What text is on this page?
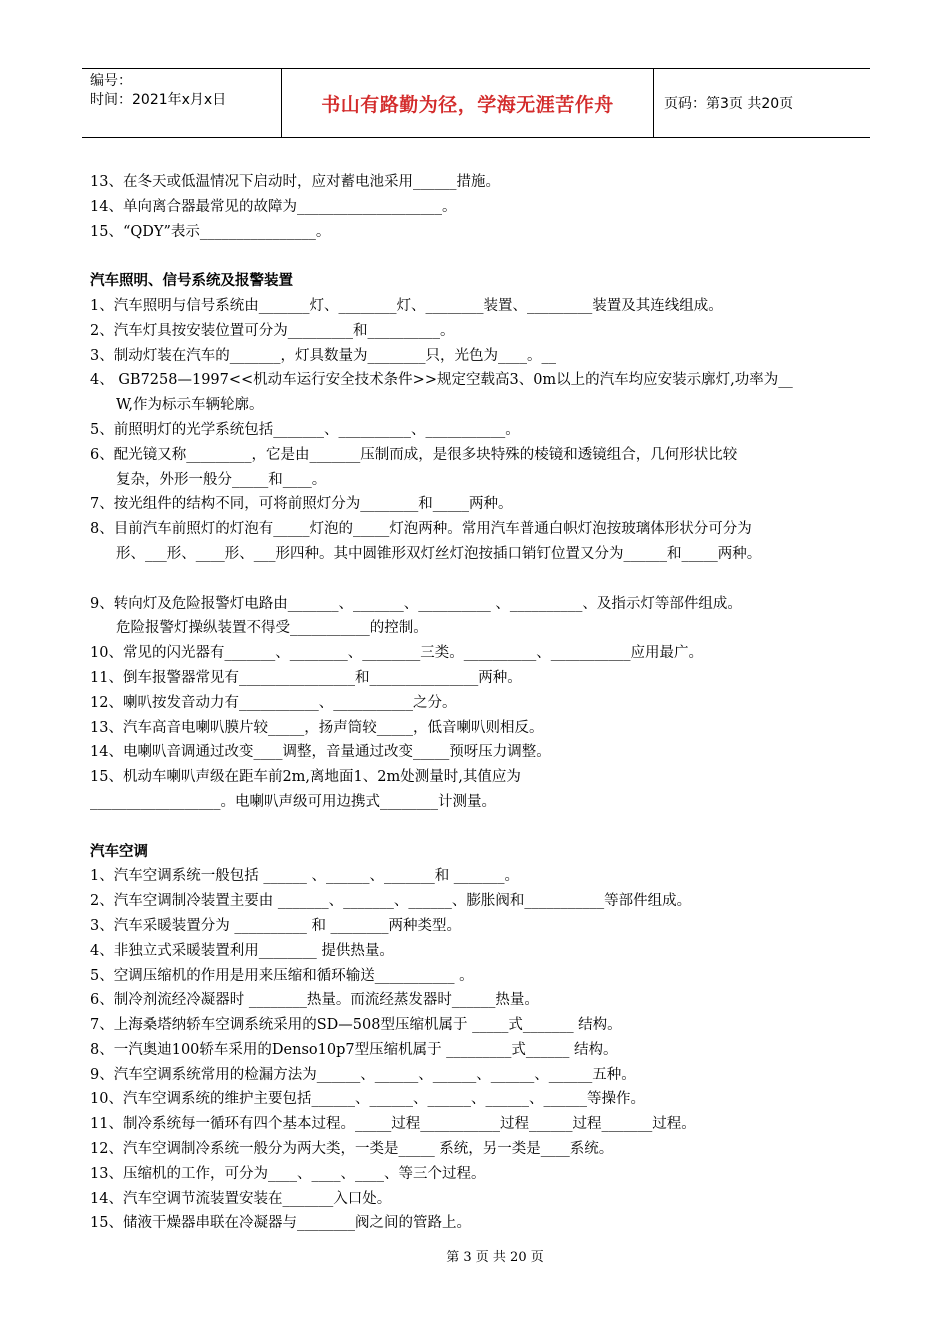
编号：
时间：2021年x月x日	书山有路勤为径，学海无涯苦作舟	页码：第3页 共20页
13、在冬天或低温情况下启动时，应对蓄电池采用______措施。
14、单向离合器最常见的故障为____________________。
15、“QDY”表示________________。
汽车照明、信号系统及报警装置
1、汽车照明与信号系统由_______灯、________灯、________装置、_________装置及其连线组成。
2、汽车灯具按安装位置可分为_________和__________。
3、制动灯装在汽车的_______，灯具数量为________只，光色为____。__
4、 GB7258—1997<<机动车运行安全技术条件>>规定空载高3、0m以上的汽车均应安装示廓灯,功率为__
W,作为标示车辆轮廓。
5、前照明灯的光学系统包括_______、__________、___________。
6、配光镜又称_________，它是由_______压制而成，是很多块特殊的棱镜和透镜组合，几何形状比较
复杂，外形一般分_____和____。
7、按光组件的结构不同，可将前照灯分为________和_____两种。
8、目前汽车前照灯的灯泡有_____灯泡的_____灯泡两种。常用汽车普通白帜灯泡按玻璃体形状分可分为
形、___形、____形、___形四种。其中圆锥形双灯丝灯泡按插口销钉位置又分为______和_____两种。
9、转向灯及危险报警灯电路由_______、_______、__________ 、__________、及指示灯等部件组成。
危险报警灯操纵装置不得受___________的控制。
10、常见的闪光器有_______、________、________三类。__________、___________应用最广。
11、倒车报警器常见有________________和_______________两种。
12、喇叭按发音动力有___________、___________之分。
13、汽车高音电喇叭膜片较_____，扬声筒较_____，低音喇叭则相反。
14、电喇叭音调通过改变____调整，音量通过改变_____预呀压力调整。
15、机动车喇叭声级在距车前2m,离地面1、2m处测量时,其值应为
__________________。电喇叭声级可用边携式________计测量。
汽车空调
1、汽车空调系统一般包括 ______ 、______、_______和 _______。
2、汽车空调制冷装置主要由 _______、_______、______、膨胀阀和___________等部件组成。
3、汽车采暖装置分为 __________ 和 ________两种类型。
4、非独立式采暖装置利用________ 提供热量。
5、空调压缩机的作用是用来压缩和循环输送___________ 。
6、制冷剂流经冷凝器时 ________热量。而流经蒸发器时______热量。
7、上海桑塔纳轿车空调系统采用的SD—508型压缩机属于 _____式_______ 结构。
8、一汽奥迪100轿车采用的Denso10p7型压缩机属于 _________式______ 结构。
9、汽车空调系统常用的检漏方法为______、______、______、______、______五种。
10、汽车空调系统的维护主要包括______、______、______、______、______等操作。
11、制冷系统每一循环有四个基本过程。_____过程___________过程______过程_______过程。
12、汽车空调制冷系统一般分为两大类，一类是_____ 系统，另一类是____系统。
13、压缩机的工作，可分为____、____、____、等三个过程。
14、汽车空调节流装置安装在_______入口处。
15、储液干燥器串联在冷凝器与________阀之间的管路上。
第 3 页 共 20 页
